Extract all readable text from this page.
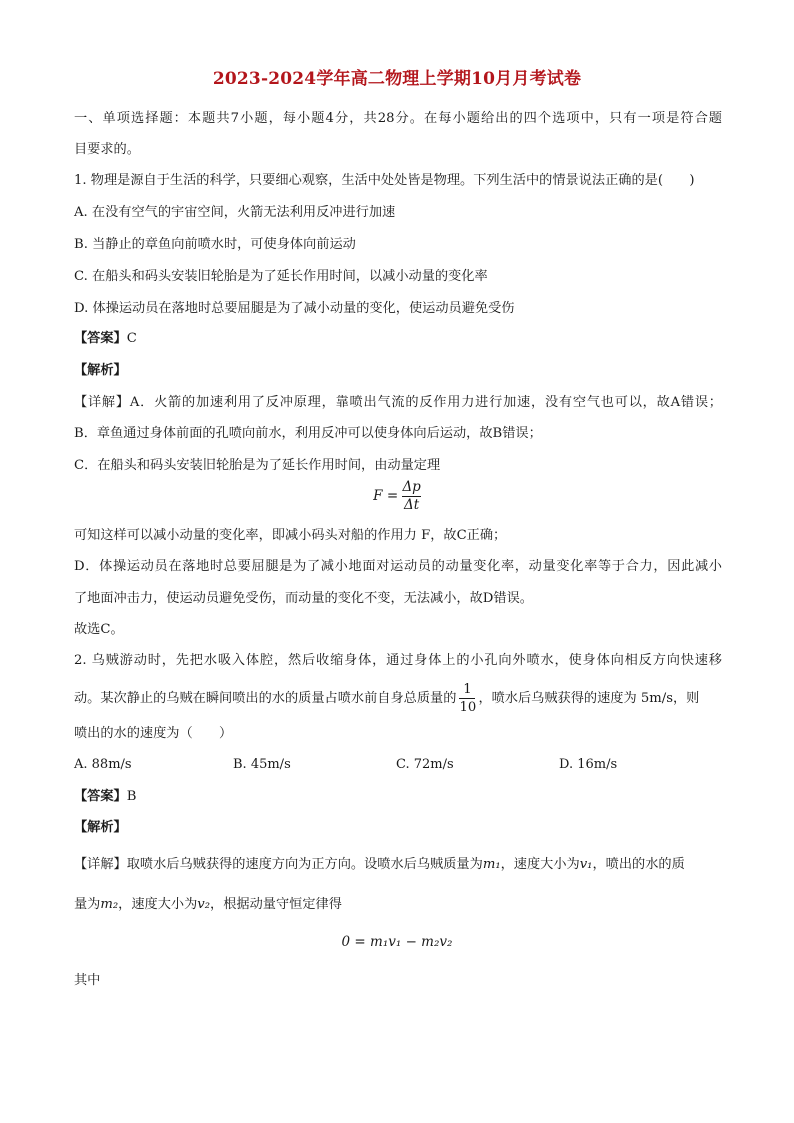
2023-2024学年高二物理上学期10月月考试卷
一、单项选择题：本题共7小题，每小题4分，共28分。在每小题给出的四个选项中，只有一项是符合题
目要求的。
1. 物理是源自于生活的科学，只要细心观察，生活中处处皆是物理。下列生活中的情景说法正确的是(　　)
A. 在没有空气的宇宙空间，火箭无法利用反冲进行加速
B. 当静止的章鱼向前喷水时，可使身体向前运动
C. 在船头和码头安装旧轮胎是为了延长作用时间，以减小动量的变化率
D. 体操运动员在落地时总要屈腿是为了减小动量的变化，使运动员避免受伤
【答案】C
【解析】
【详解】A．火箭的加速利用了反冲原理，靠喷出气流的反作用力进行加速，没有空气也可以，故A错误；
B．章鱼通过身体前面的孔喷向前水，利用反冲可以使身体向后运动，故B错误；
C．在船头和码头安装旧轮胎是为了延长作用时间，由动量定理
$F = \frac{\Delta p}{\Delta t}$
可知这样可以减小动量的变化率，即减小码头对船的作用力 F，故C正确；
D．体操运动员在落地时总要屈腿是为了减小地面对运动员的动量变化率，动量变化率等于合力，因此减小
了地面冲击力，使运动员避免受伤，而动量的变化不变，无法减小，故D错误。
故选C。
2. 乌贼游动时，先把水吸入体腔，然后收缩身体，通过身体上的小孔向外喷水，使身体向相反方向快速移
动。某次静止的乌贼在瞬间喷出的水的质量占喷水前自身总质量的 $\frac{1}{10}$ ，喷水后乌贼获得的速度为 5m/s，则
喷出的水的速度为（　　）
A. 88m/s	B. 45m/s	C. 72m/s	D. 16m/s
【答案】B
【解析】
【详解】取喷水后乌贼获得的速度方向为正方向。设喷水后乌贼质量为m₁，速度大小为v₁，喷出的水的质
量为m₂，速度大小为v₂，根据动量守恒定律得
0 = m₁v₁ − m₂v₂
其中
